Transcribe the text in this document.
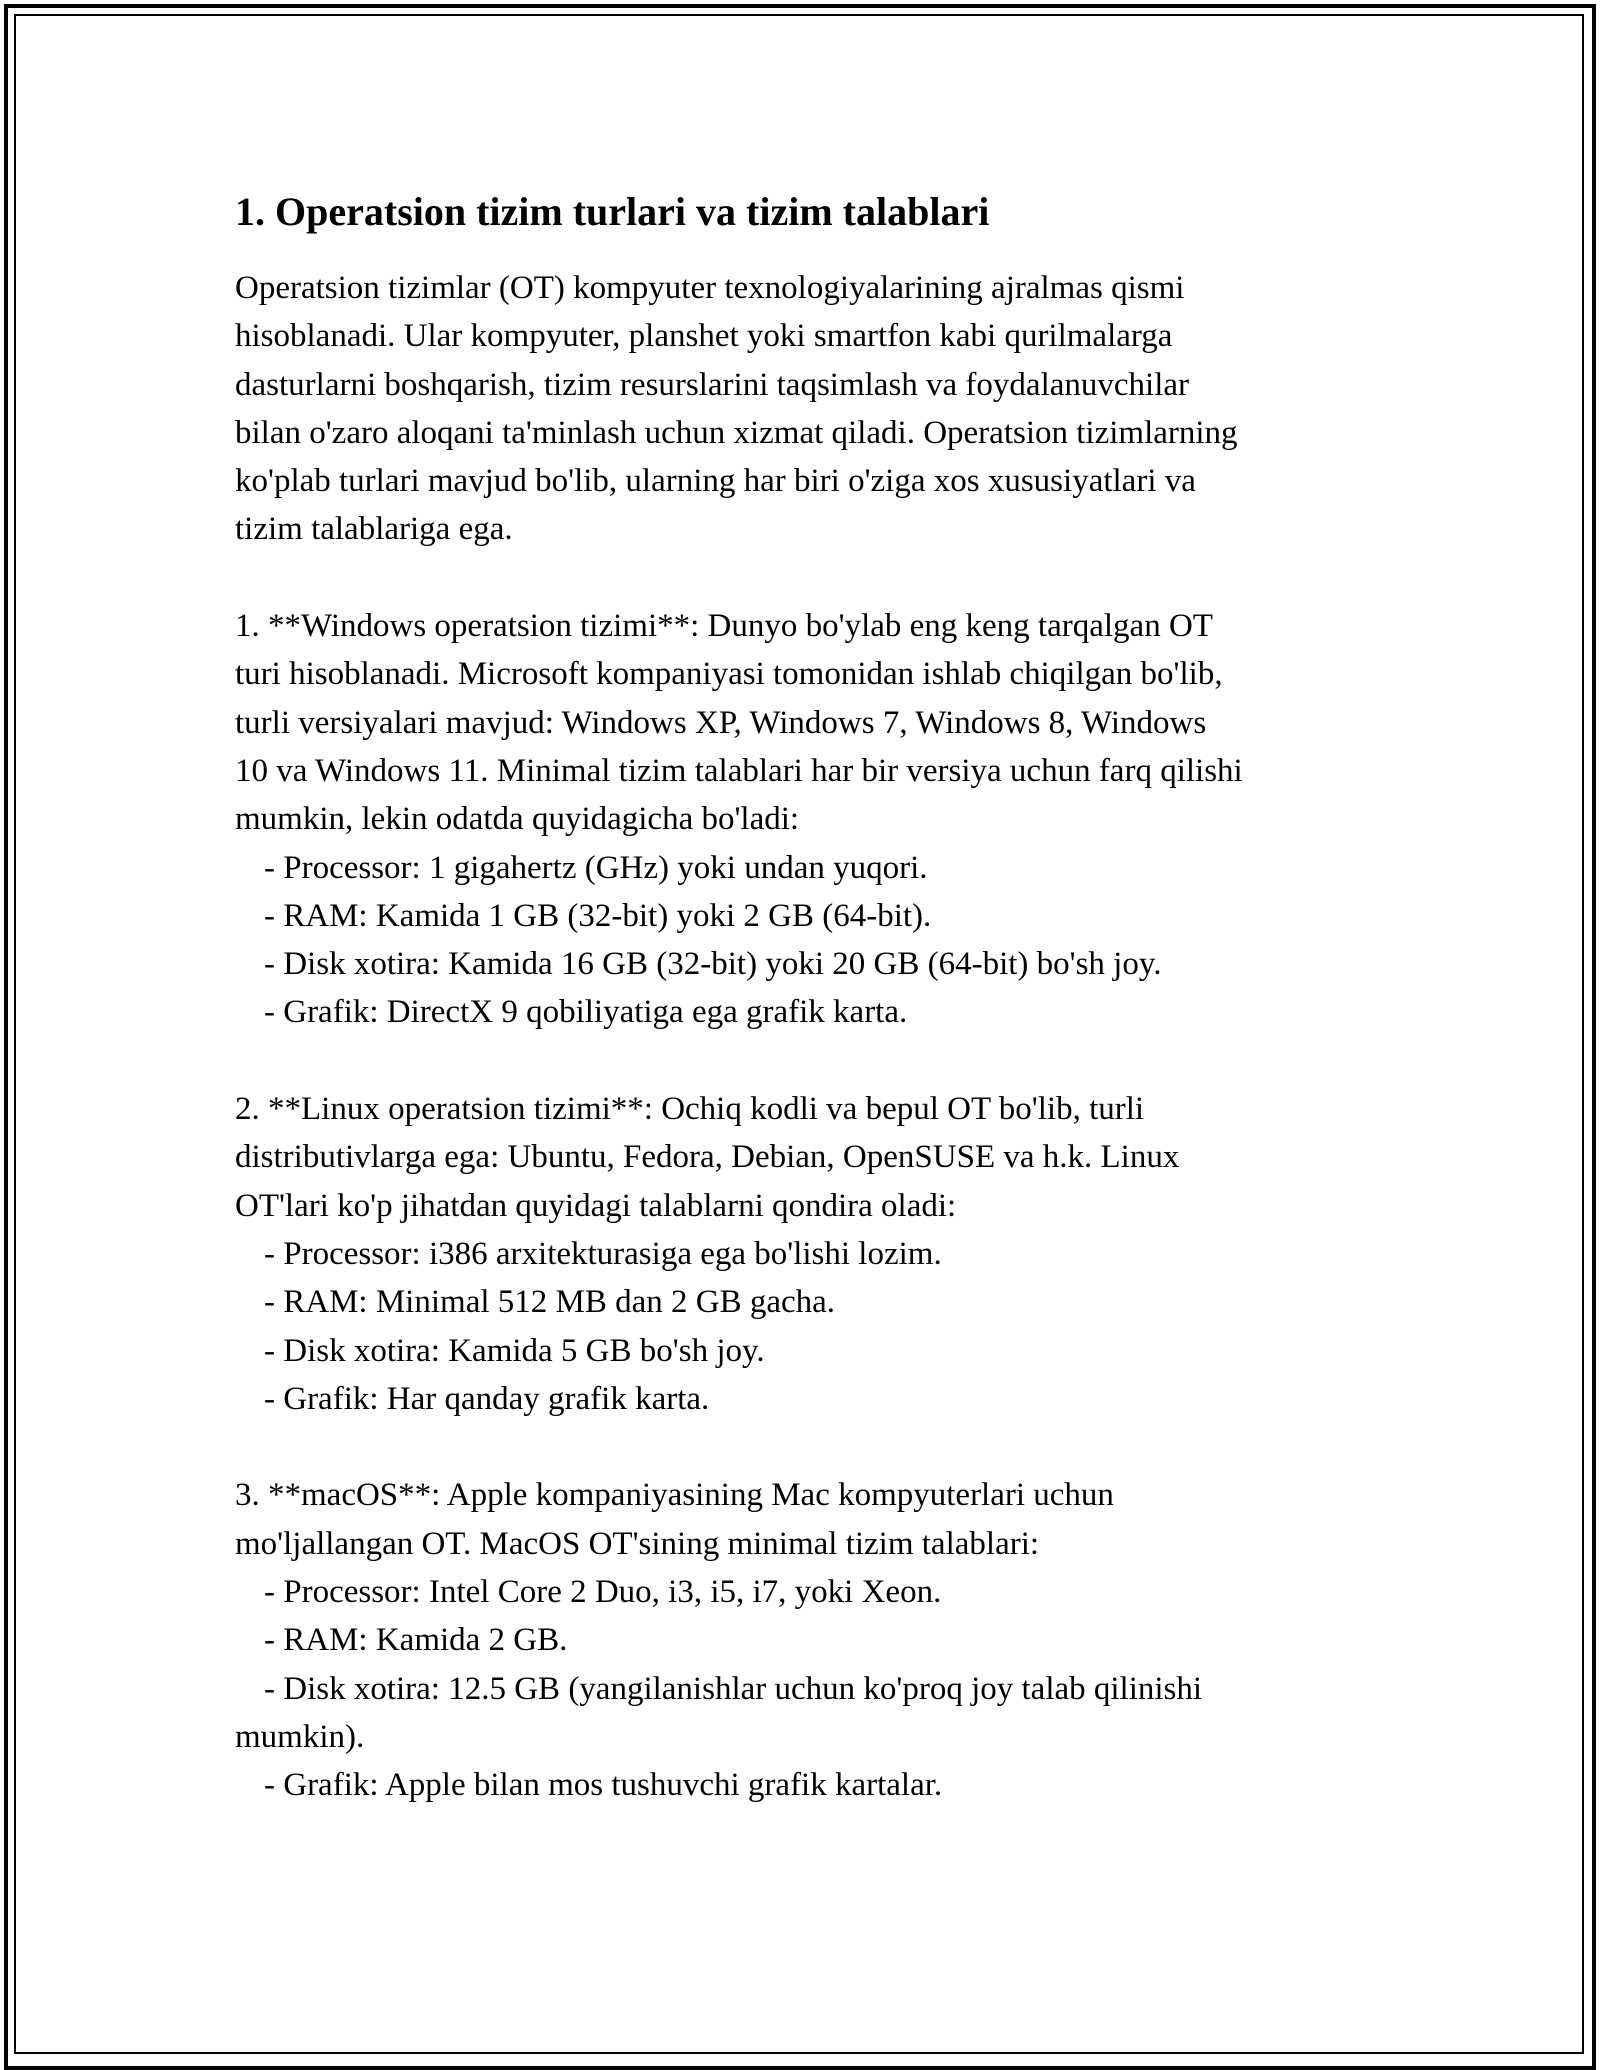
1. Operatsion tizim turlari va tizim talablari
Operatsion tizimlar (OT) kompyuter texnologiyalarining ajralmas qismi
hisoblanadi. Ular kompyuter, planshet yoki smartfon kabi qurilmalarga
dasturlarni boshqarish, tizim resurslarini taqsimlash va foydalanuvchilar
bilan o'zaro aloqani ta'minlash uchun xizmat qiladi. Operatsion tizimlarning
ko'plab turlari mavjud bo'lib, ularning har biri o'ziga xos xususiyatlari va
tizim talablariga ega.
1. **Windows operatsion tizimi**: Dunyo bo'ylab eng keng tarqalgan OT
turi hisoblanadi. Microsoft kompaniyasi tomonidan ishlab chiqilgan bo'lib,
turli versiyalari mavjud: Windows XP, Windows 7, Windows 8, Windows
10 va Windows 11. Minimal tizim talablari har bir versiya uchun farq qilishi
mumkin, lekin odatda quyidagicha bo'ladi:
- Processor: 1 gigahertz (GHz) yoki undan yuqori.
- RAM: Kamida 1 GB (32-bit) yoki 2 GB (64-bit).
- Disk xotira: Kamida 16 GB (32-bit) yoki 20 GB (64-bit) bo'sh joy.
- Grafik: DirectX 9 qobiliyatiga ega grafik karta.
2. **Linux operatsion tizimi**: Ochiq kodli va bepul OT bo'lib, turli
distributivlarga ega: Ubuntu, Fedora, Debian, OpenSUSE va h.k. Linux
OT'lari ko'p jihatdan quyidagi talablarni qondira oladi:
- Processor: i386 arxitekturasiga ega bo'lishi lozim.
- RAM: Minimal 512 MB dan 2 GB gacha.
- Disk xotira: Kamida 5 GB bo'sh joy.
- Grafik: Har qanday grafik karta.
3. **macOS**: Apple kompaniyasining Mac kompyuterlari uchun
mo'ljallangan OT. MacOS OT'sining minimal tizim talablari:
- Processor: Intel Core 2 Duo, i3, i5, i7, yoki Xeon.
- RAM: Kamida 2 GB.
- Disk xotira: 12.5 GB (yangilanishlar uchun ko'proq joy talab qilinishi
mumkin).
- Grafik: Apple bilan mos tushuvchi grafik kartalar.
